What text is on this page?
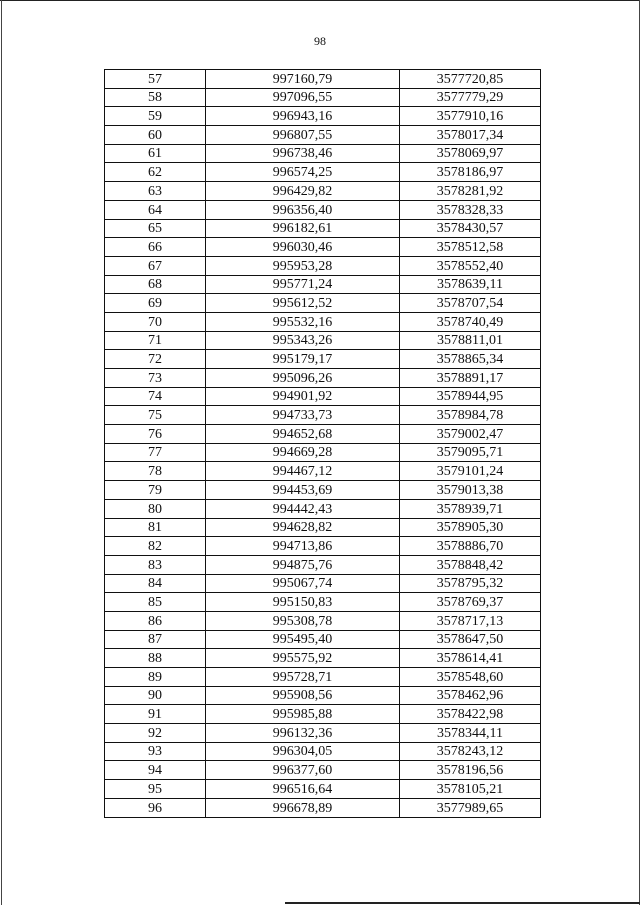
98
57	997160,79	3577720,85
58	997096,55	3577779,29
59	996943,16	3577910,16
60	996807,55	3578017,34
61	996738,46	3578069,97
62	996574,25	3578186,97
63	996429,82	3578281,92
64	996356,40	3578328,33
65	996182,61	3578430,57
66	996030,46	3578512,58
67	995953,28	3578552,40
68	995771,24	3578639,11
69	995612,52	3578707,54
70	995532,16	3578740,49
71	995343,26	3578811,01
72	995179,17	3578865,34
73	995096,26	3578891,17
74	994901,92	3578944,95
75	994733,73	3578984,78
76	994652,68	3579002,47
77	994669,28	3579095,71
78	994467,12	3579101,24
79	994453,69	3579013,38
80	994442,43	3578939,71
81	994628,82	3578905,30
82	994713,86	3578886,70
83	994875,76	3578848,42
84	995067,74	3578795,32
85	995150,83	3578769,37
86	995308,78	3578717,13
87	995495,40	3578647,50
88	995575,92	3578614,41
89	995728,71	3578548,60
90	995908,56	3578462,96
91	995985,88	3578422,98
92	996132,36	3578344,11
93	996304,05	3578243,12
94	996377,60	3578196,56
95	996516,64	3578105,21
96	996678,89	3577989,65
